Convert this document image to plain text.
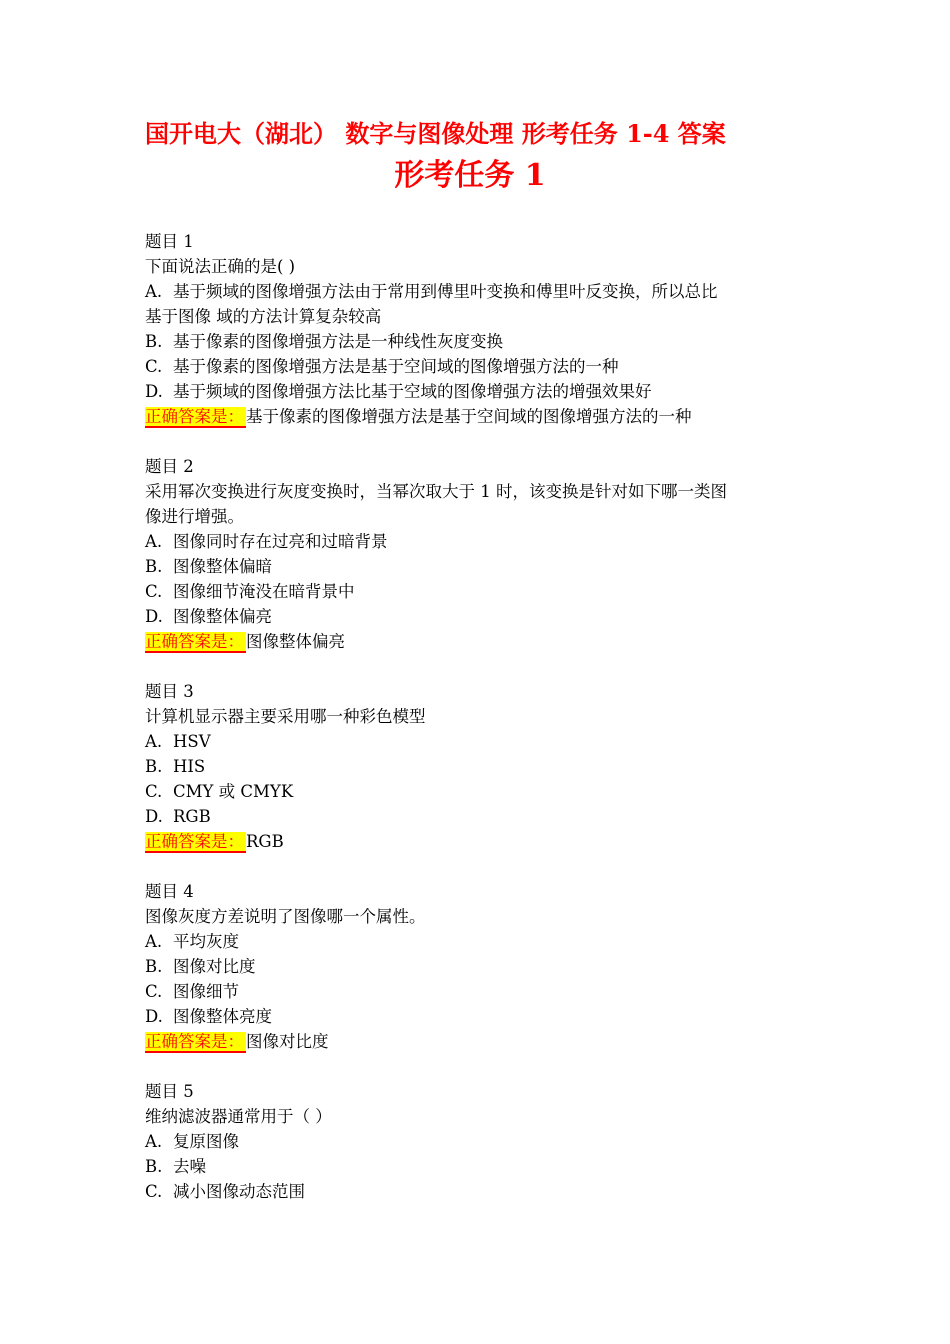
国开电大（湖北） 数字与图像处理 形考任务 1-4 答案
形考任务 1
题目 1
下面说法正确的是( )
A. 基于频域的图像增强方法由于常用到傅里叶变换和傅里叶反变换，所以总比
基于图像 域的方法计算复杂较高
B. 基于像素的图像增强方法是一种线性灰度变换
C. 基于像素的图像增强方法是基于空间域的图像增强方法的一种
D. 基于频域的图像增强方法比基于空域的图像增强方法的增强效果好
正确答案是： 基于像素的图像增强方法是基于空间域的图像增强方法的一种
题目 2
采用幂次变换进行灰度变换时，当幂次取大于 1 时，该变换是针对如下哪一类图
像进行增强。
A. 图像同时存在过亮和过暗背景
B. 图像整体偏暗
C. 图像细节淹没在暗背景中
D. 图像整体偏亮
正确答案是： 图像整体偏亮
题目 3
计算机显示器主要采用哪一种彩色模型
A. HSV
B. HIS
C. CMY 或 CMYK
D. RGB
正确答案是： RGB
题目 4
图像灰度方差说明了图像哪一个属性。
A. 平均灰度
B. 图像对比度
C. 图像细节
D. 图像整体亮度
正确答案是： 图像对比度
题目 5
维纳滤波器通常用于（ ）
A. 复原图像
B. 去噪
C. 减小图像动态范围
